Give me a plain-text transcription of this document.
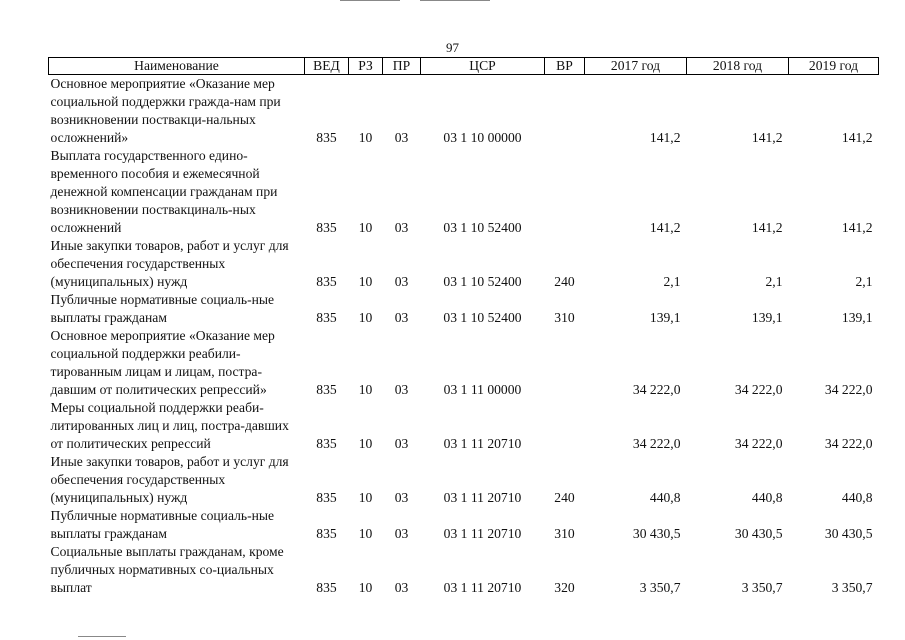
97
Наименование	ВЕД	РЗ	ПР	ЦСР	ВР	2017 год	2018 год	2019 год
Основное мероприятие «Оказание мер социальной поддержки граждa-нам при возникновении поствакци-нальных осложнений»	835	10	03	03 1 10 00000		141,2	141,2	141,2
Выплата государственного едино-временного пособия и ежемесячной денежной компенсации гражданам при возникновении поствакциналь-ных осложнений	835	10	03	03 1 10 52400		141,2	141,2	141,2
Иные закупки товаров, работ и услуг для обеспечения государственных (муниципальных) нужд	835	10	03	03 1 10 52400	240	2,1	2,1	2,1
Публичные нормативные социаль-ные выплаты гражданам	835	10	03	03 1 10 52400	310	139,1	139,1	139,1
Основное мероприятие «Оказание мер социальной поддержки реабили-тированным лицам и лицам, постра-давшим от политических репрессий»	835	10	03	03 1 11 00000		34 222,0	34 222,0	34 222,0
Меры социальной поддержки реаби-литированных лиц и лиц, постра-давших от политических репрессий	835	10	03	03 1 11 20710		34 222,0	34 222,0	34 222,0
Иные закупки товаров, работ и услуг для обеспечения государственных (муниципальных) нужд	835	10	03	03 1 11 20710	240	440,8	440,8	440,8
Публичные нормативные социаль-ные выплаты гражданам	835	10	03	03 1 11 20710	310	30 430,5	30 430,5	30 430,5
Социальные выплаты гражданам, кроме публичных нормативных со-циальных выплат	835	10	03	03 1 11 20710	320	3 350,7	3 350,7	3 350,7
